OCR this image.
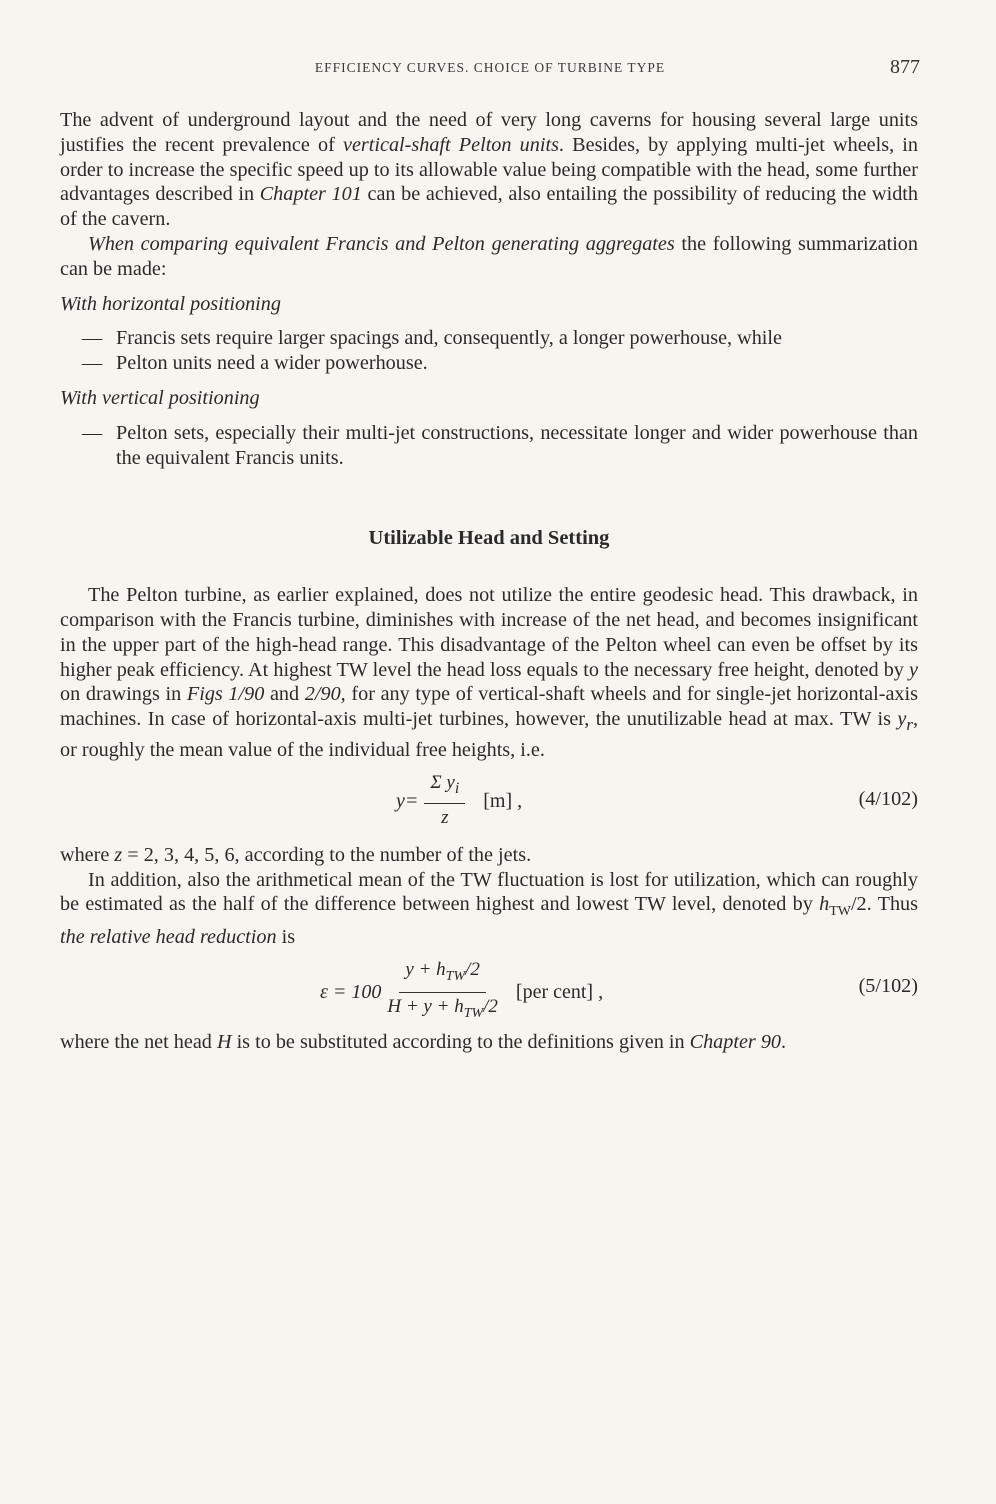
EFFICIENCY CURVES. CHOICE OF TURBINE TYPE	877

The advent of underground layout and the need of very long caverns for housing several large units justifies the recent prevalence of vertical-shaft Pelton units. Besides, by applying multi-jet wheels, in order to increase the specific speed up to its allowable value being compatible with the head, some further advantages described in Chapter 101 can be achieved, also entailing the possibility of reducing the width of the cavern.

When comparing equivalent Francis and Pelton generating aggregates the following summarization can be made:

With horizontal positioning

— Francis sets require larger spacings and, consequently, a longer powerhouse, while
— Pelton units need a wider powerhouse.

With vertical positioning

— Pelton sets, especially their multi-jet constructions, necessitate longer and wider powerhouse than the equivalent Francis units.
Utilizable Head and Setting

The Pelton turbine, as earlier explained, does not utilize the entire geodesic head. This drawback, in comparison with the Francis turbine, diminishes with increase of the net head, and becomes insignificant in the upper part of the high-head range. This disadvantage of the Pelton wheel can even be offset by its higher peak efficiency. At highest TW level the head loss equals to the necessary free height, denoted by y on drawings in Figs 1/90 and 2/90, for any type of vertical-shaft wheels and for single-jet horizontal-axis machines. In case of horizontal-axis multi-jet turbines, however, the unutilizable head at max. TW is $y_r$, or roughly the mean value of the individual free heights, i.e.

$y= \frac{\Sigma y_i}{z} [m]$ ,	(4/102)

where z = 2, 3, 4, 5, 6, according to the number of the jets.

In addition, also the arithmetical mean of the TW fluctuation is lost for utilization, which can roughly be estimated as the half of the difference between highest and lowest TW level, denoted by $h_{TW}/2$. Thus the relative head reduction is

$\varepsilon = 100 \frac{y + h_{TW}/2}{H + y + h_{TW}/2} [per$ cent] ,	(5/102)

where the net head H is to be substituted according to the definitions given in Chapter 90.
